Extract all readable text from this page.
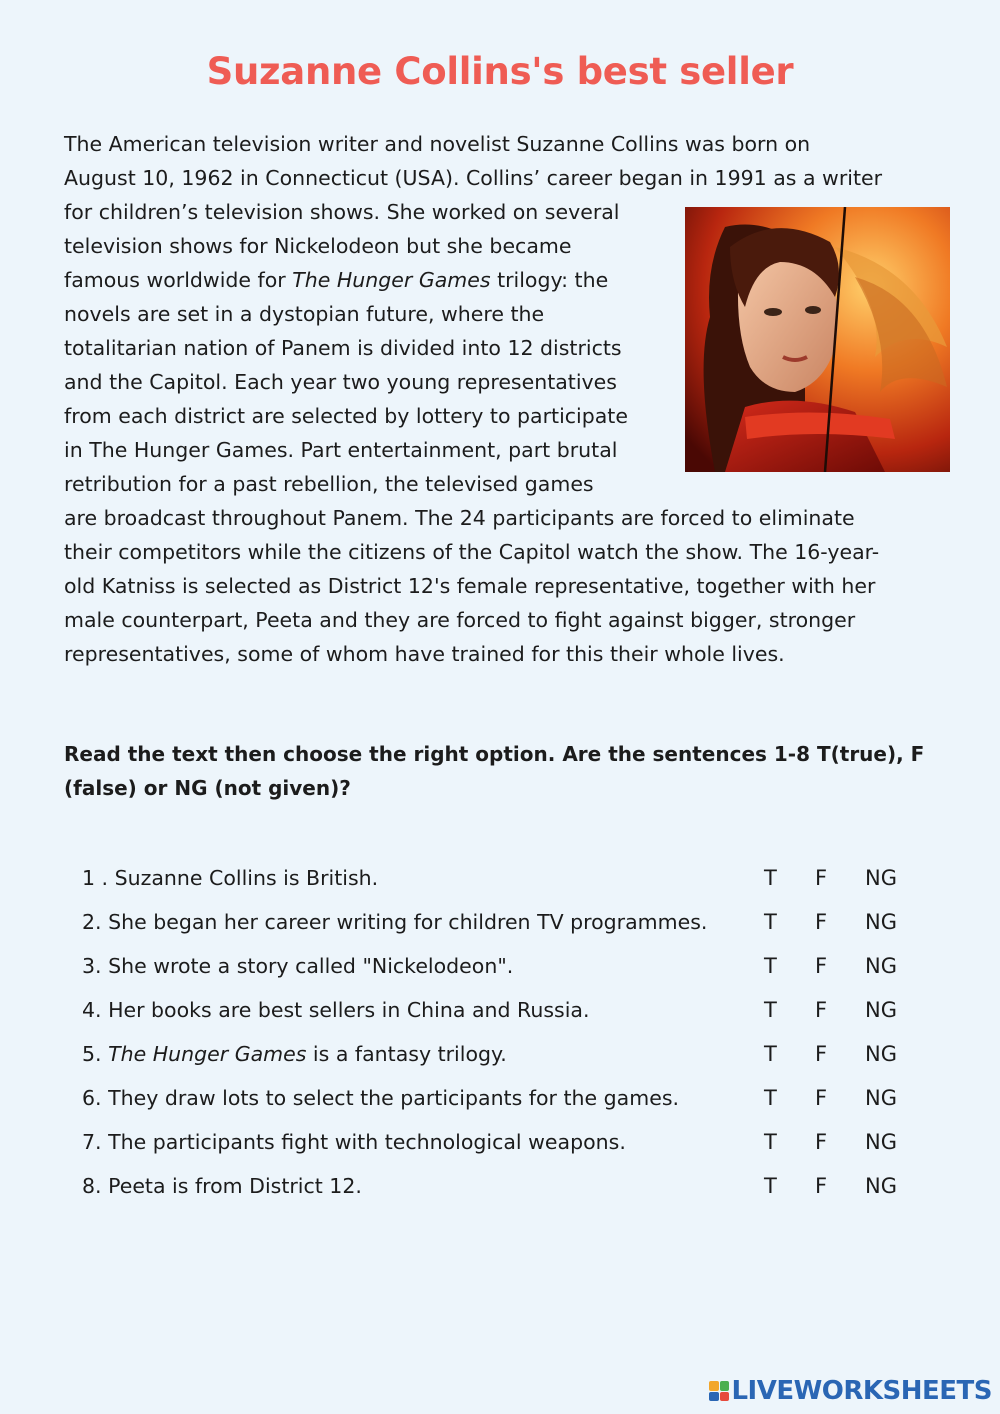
Suzanne Collins's best seller

The American television writer and novelist Suzanne Collins was born on
August 10, 1962 in Connecticut (USA). Collins’ career began in 1991 as a writer
for children’s television shows. She worked on several
television shows for Nickelodeon but she became
famous worldwide for The Hunger Games trilogy: the
novels are set in a dystopian future, where the
totalitarian nation of Panem is divided into 12 districts
and the Capitol. Each year two young representatives
from each district are selected by lottery to participate
in The Hunger Games. Part entertainment, part brutal
retribution for a past rebellion, the televised games
are broadcast throughout Panem. The 24 participants are forced to eliminate
their competitors while the citizens of the Capitol watch the show. The 16-year-
old Katniss is selected as District 12's female representative, together with her
male counterpart, Peeta and they are forced to fight against bigger, stronger
representatives, some of whom have trained for this their whole lives.

Read the text then choose the right option. Are the sentences 1-8 T(true), F
(false) or NG (not given)?

1 . Suzanne Collins is British.	T F NG
2. She began her career writing for children TV programmes.	T F NG
3. She wrote a story called "Nickelodeon".	T F NG
4. Her books are best sellers in China and Russia.	T F NG
5. The Hunger Games is a fantasy trilogy.	T F NG
6. They draw lots to select the participants for the games.	T F NG
7. The participants fight with technological weapons.	T F NG
8. Peeta is from District 12.	T F NG
LIVEWORKSHEETS
